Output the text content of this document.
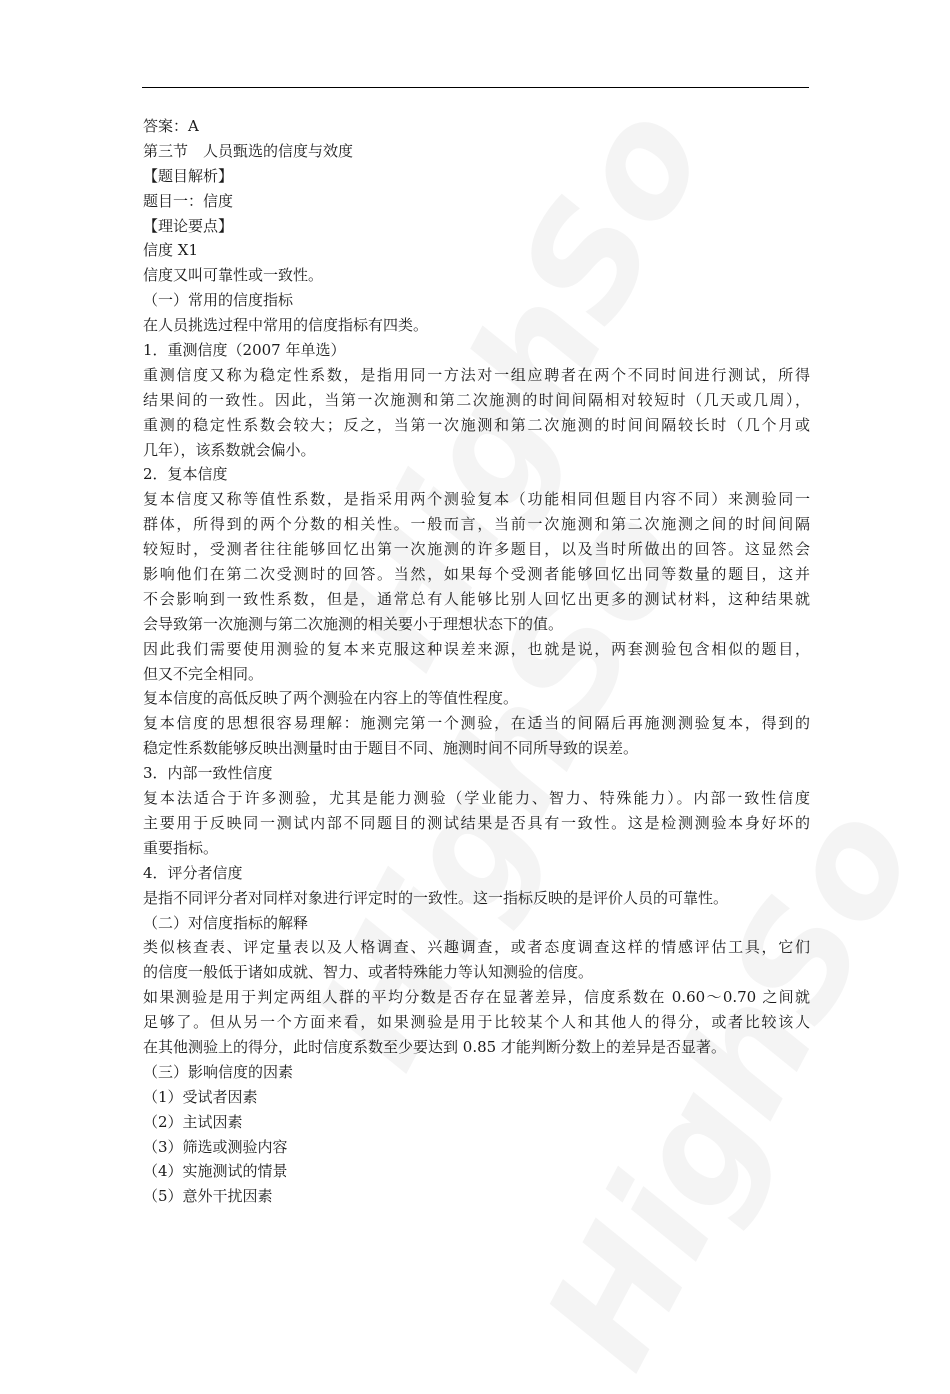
答案：A
第三节　人员甄选的信度与效度
【题目解析】
题目一：信度
【理论要点】
信度 X1
信度又叫可靠性或一致性。
（一）常用的信度指标
在人员挑选过程中常用的信度指标有四类。
1．重测信度（2007 年单选）
重测信度又称为稳定性系数，是指用同一方法对一组应聘者在两个不同时间进行测试，所得
结果间的一致性。因此，当第一次施测和第二次施测的时间间隔相对较短时（几天或几周），
重测的稳定性系数会较大；反之，当第一次施测和第二次施测的时间间隔较长时（几个月或
几年），该系数就会偏小。
2．复本信度
复本信度又称等值性系数，是指采用两个测验复本（功能相同但题目内容不同）来测验同一
群体，所得到的两个分数的相关性。一般而言，当前一次施测和第二次施测之间的时间间隔
较短时，受测者往往能够回忆出第一次施测的许多题目，以及当时所做出的回答。这显然会
影响他们在第二次受测时的回答。当然，如果每个受测者能够回忆出同等数量的题目，这并
不会影响到一致性系数，但是，通常总有人能够比别人回忆出更多的测试材料，这种结果就
会导致第一次施测与第二次施测的相关要小于理想状态下的值。
因此我们需要使用测验的复本来克服这种误差来源，也就是说，两套测验包含相似的题目，
但又不完全相同。
复本信度的高低反映了两个测验在内容上的等值性程度。
复本信度的思想很容易理解：施测完第一个测验，在适当的间隔后再施测测验复本，得到的
稳定性系数能够反映出测量时由于题目不同、施测时间不同所导致的误差。
3．内部一致性信度
复本法适合于许多测验，尤其是能力测验（学业能力、智力、特殊能力）。内部一致性信度
主要用于反映同一测试内部不同题目的测试结果是否具有一致性。这是检测测验本身好坏的
重要指标。
4．评分者信度
是指不同评分者对同样对象进行评定时的一致性。这一指标反映的是评价人员的可靠性。
（二）对信度指标的解释
类似核查表、评定量表以及人格调查、兴趣调查，或者态度调查这样的情感评估工具，它们
的信度一般低于诸如成就、智力、或者特殊能力等认知测验的信度。
如果测验是用于判定两组人群的平均分数是否存在显著差异，信度系数在 0.60～0.70 之间就
足够了。但从另一个方面来看，如果测验是用于比较某个人和其他人的得分，或者比较该人
在其他测验上的得分，此时信度系数至少要达到 0.85 才能判断分数上的差异是否显著。
（三）影响信度的因素
（1）受试者因素
（2）主试因素
（3）筛选或测验内容
（4）实施测试的情景
（5）意外干扰因素
